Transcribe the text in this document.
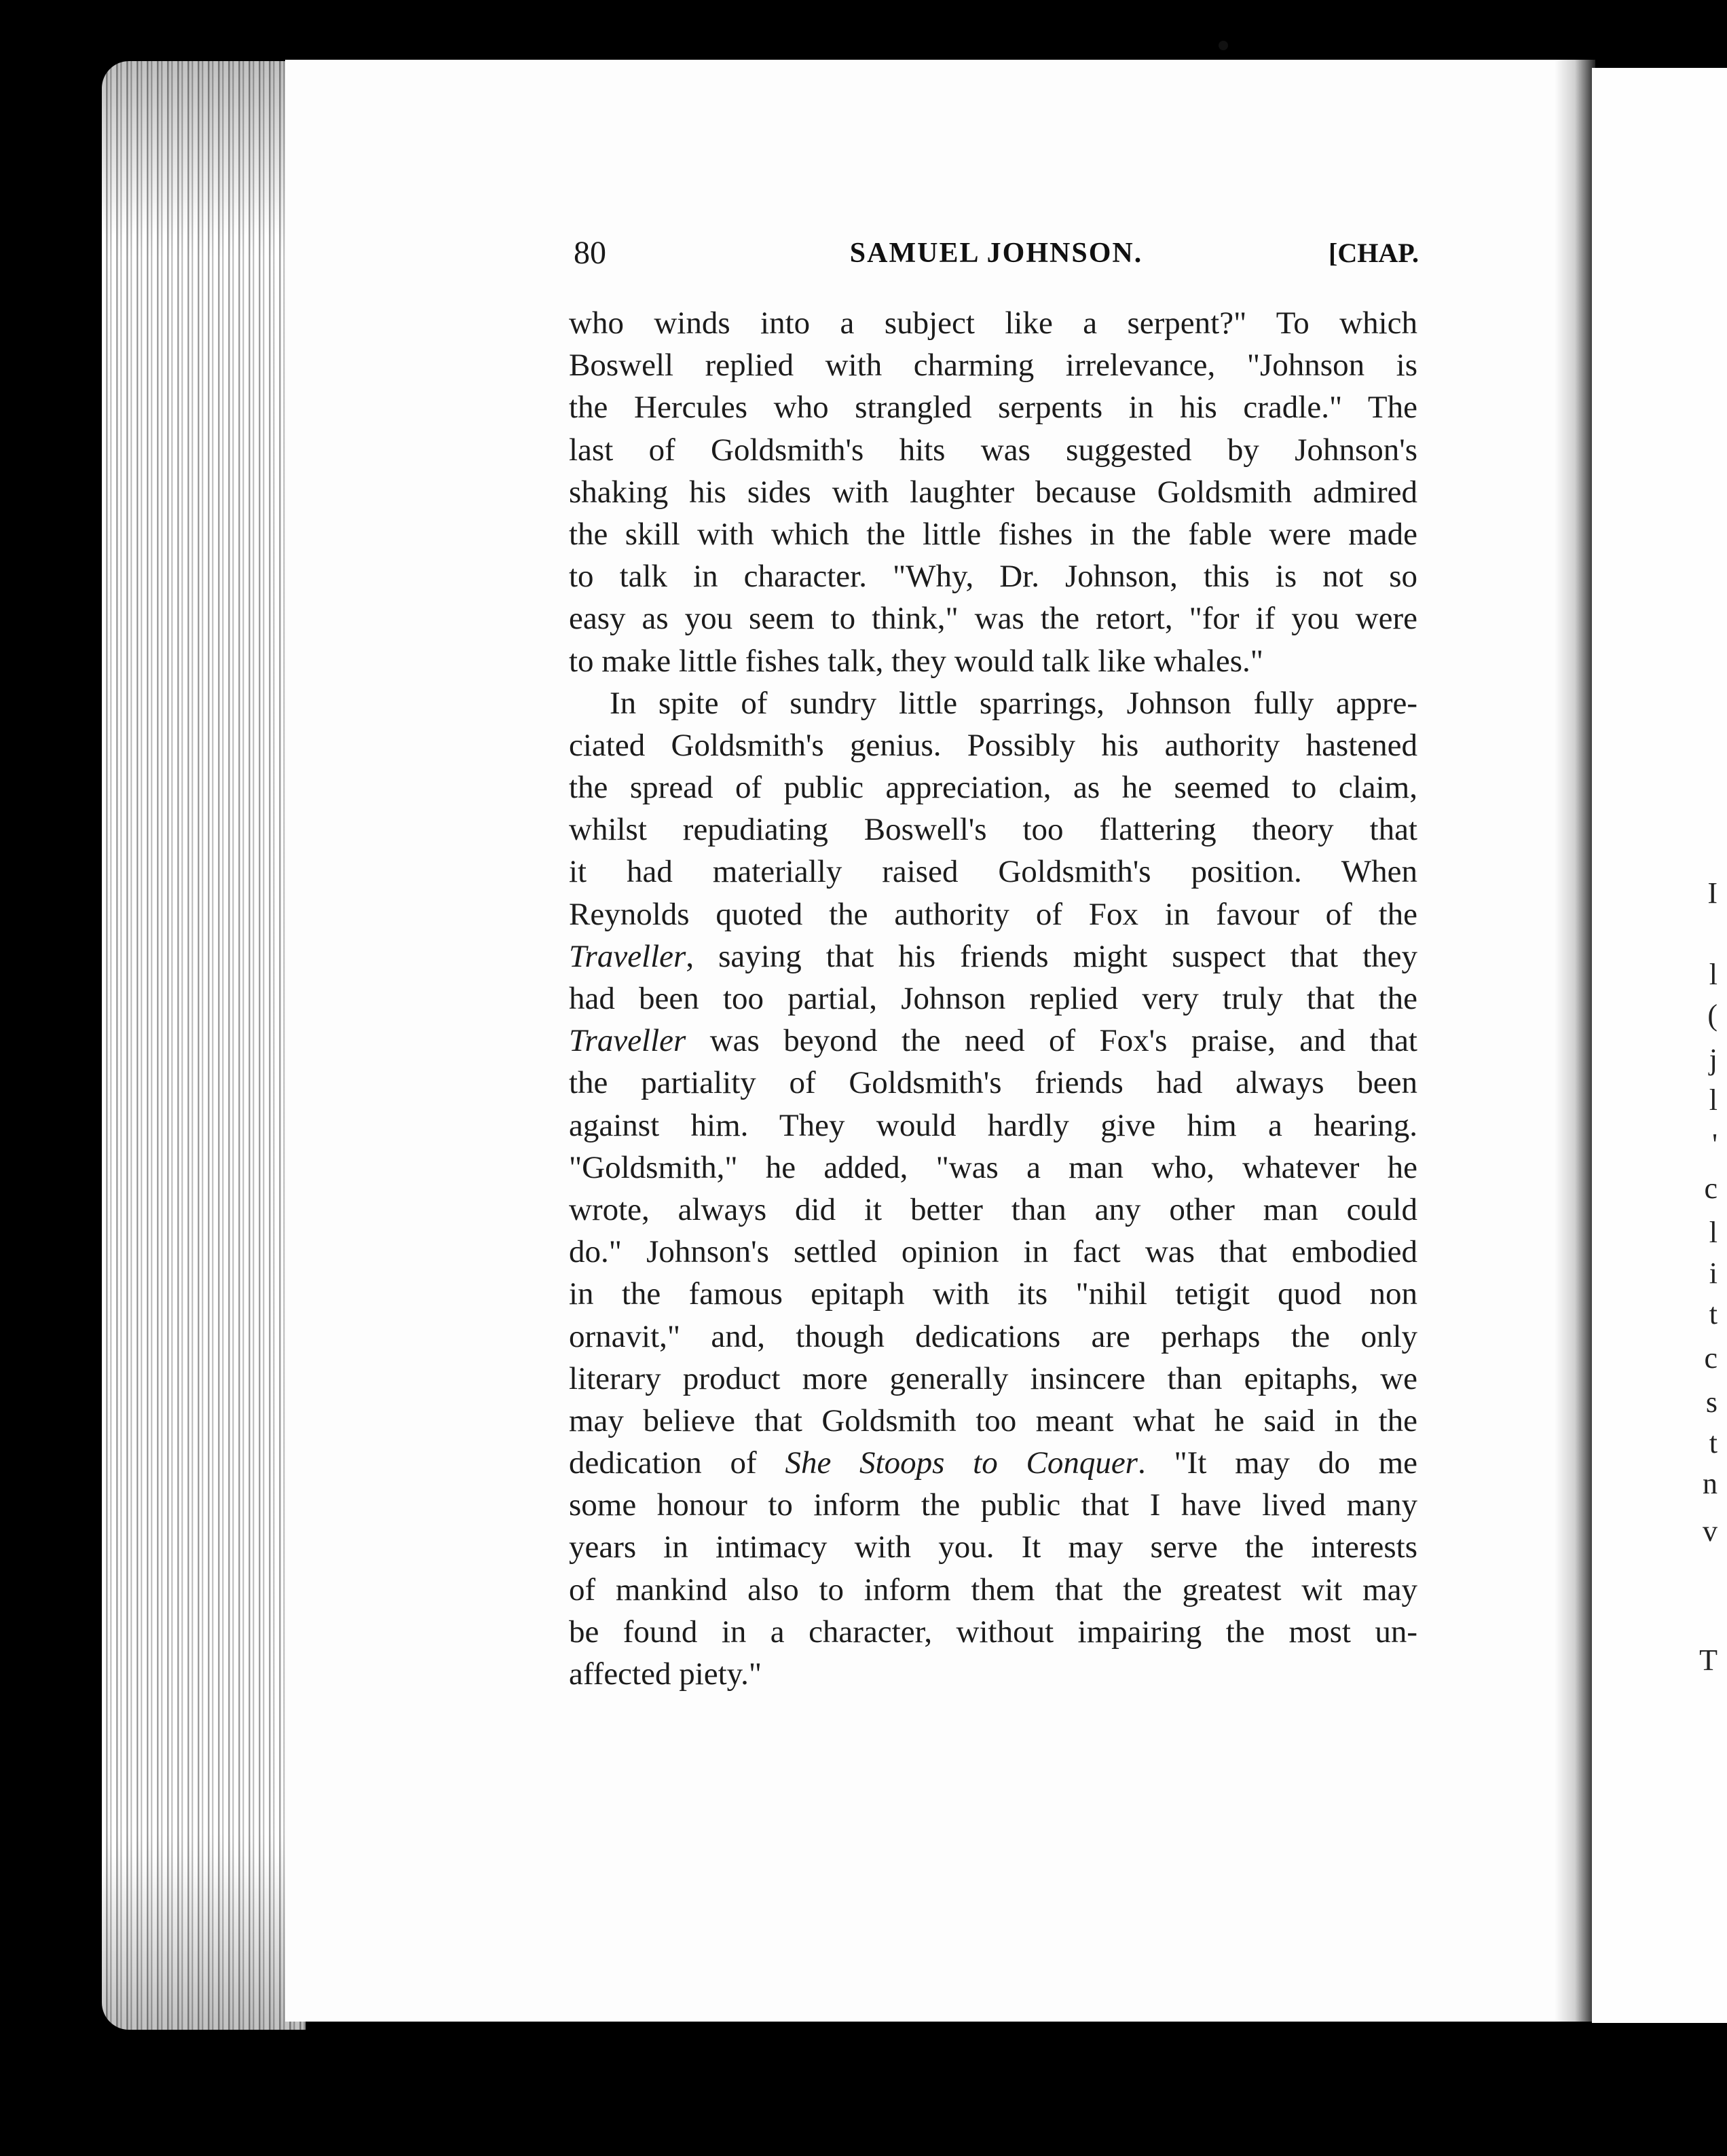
I
l
(
j
l
'
c
l
i
t
c
s
t
n
v
T
80	SAMUEL JOHNSON.	[CHAP.
who winds into a subject like a serpent?" To which
Boswell replied with charming irrelevance, "Johnson is
the Hercules who strangled serpents in his cradle." The
last of Goldsmith's hits was suggested by Johnson's
shaking his sides with laughter because Goldsmith admired
the skill with which the little fishes in the fable were made
to talk in character. "Why, Dr. Johnson, this is not so
easy as you seem to think," was the retort, "for if you were
to make little fishes talk, they would talk like whales."
In spite of sundry little sparrings, Johnson fully appre-
ciated Goldsmith's genius. Possibly his authority hastened
the spread of public appreciation, as he seemed to claim,
whilst repudiating Boswell's too flattering theory that
it had materially raised Goldsmith's position. When
Reynolds quoted the authority of Fox in favour of the
Traveller, saying that his friends might suspect that they
had been too partial, Johnson replied very truly that the
Traveller was beyond the need of Fox's praise, and that
the partiality of Goldsmith's friends had always been
against him. They would hardly give him a hearing.
"Goldsmith," he added, "was a man who, whatever he
wrote, always did it better than any other man could
do." Johnson's settled opinion in fact was that embodied
in the famous epitaph with its "nihil tetigit quod non
ornavit," and, though dedications are perhaps the only
literary product more generally insincere than epitaphs, we
may believe that Goldsmith too meant what he said in the
dedication of She Stoops to Conquer. "It may do me
some honour to inform the public that I have lived many
years in intimacy with you. It may serve the interests
of mankind also to inform them that the greatest wit may
be found in a character, without impairing the most un-
affected piety."
